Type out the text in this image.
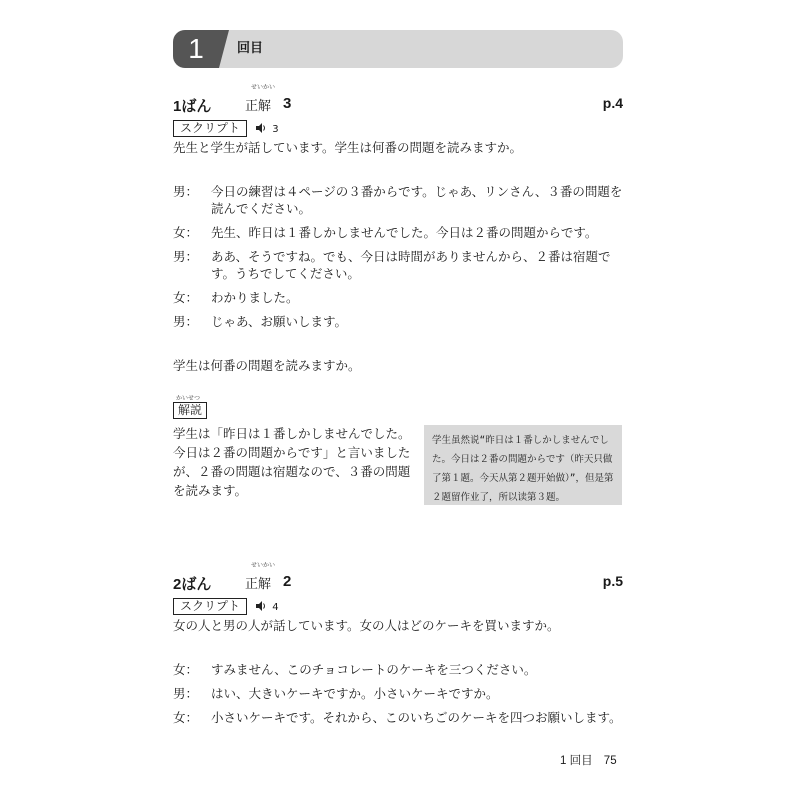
1	回目
1ばん
せいかい
正解 3	p.4
スクリプト	3
先生と学生が話しています。学生は何番の問題を読みますか。
男：	今日の練習は４ページの３番からです。じゃあ、リンさん、３番の問題を読んでください。
女：	先生、昨日は１番しかしませんでした。今日は２番の問題からです。
男：	ああ、そうですね。でも、今日は時間がありませんから、２番は宿題です。うちでしてください。
女：	わかりました。
男：	じゃあ、お願いします。
学生は何番の問題を読みますか。
かいせつ
解説
学生は「昨日は１番しかしませんでした。今日は２番の問題からです」と言いましたが、２番の問題は宿題なので、３番の問題を読みます。
学生虽然说“昨日は１番しかしませんでした。今日は２番の問題からです（昨天只做了第１题。今天从第２题开始做）”，但是第２题留作业了，所以读第３题。
2ばん
せいかい
正解 2	p.5
スクリプト	4
女の人と男の人が話しています。女の人はどのケーキを買いますか。
女：	すみません、このチョコレートのケーキを三つください。
男：	はい、大きいケーキですか。小さいケーキですか。
女：	小さいケーキです。それから、このいちごのケーキを四つお願いします。
1 回目 75
